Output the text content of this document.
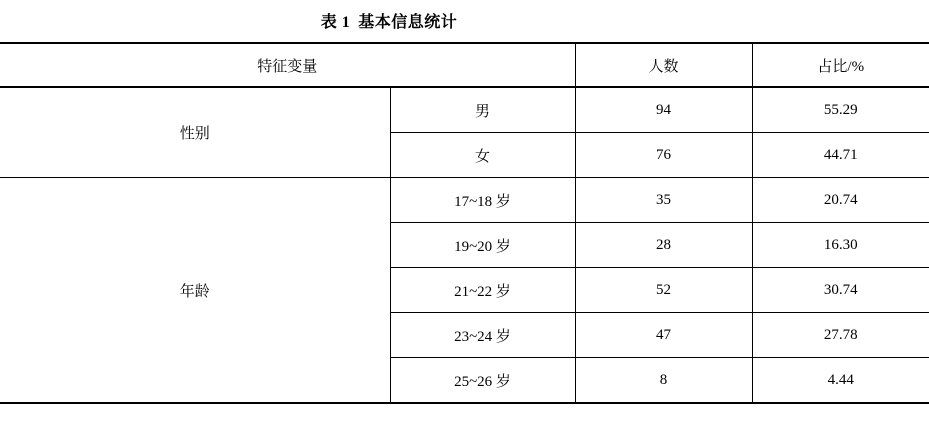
表 1 基本信息统计
特征变量		人数	占比/%
性别	男	94	55.29
	女	76	44.71
年龄	17~18 岁	35	20.74
	19~20 岁	28	16.30
	21~22 岁	52	30.74
	23~24 岁	47	27.78
	25~26 岁	8	4.44
